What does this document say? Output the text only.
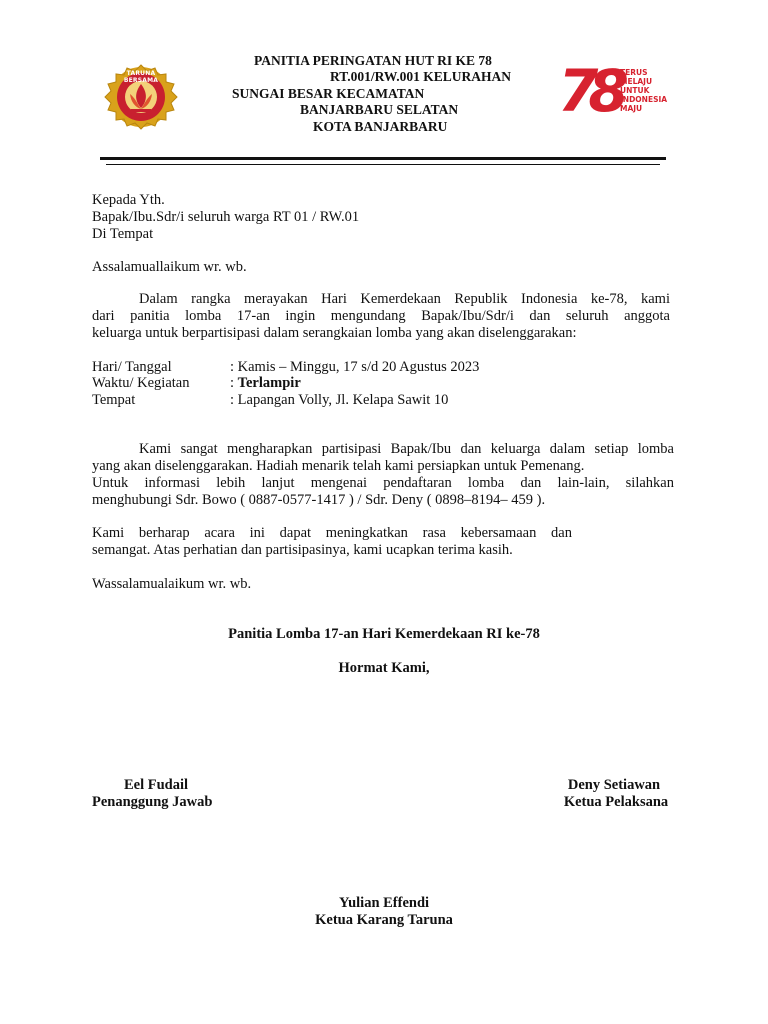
TARUNA BERSAMA
PANITIA PERINGATAN HUT RI KE 78
RT.001/RW.001 KELURAHAN
SUNGAI BESAR KECAMATAN
BANJARBARU SELATAN
KOTA BANJARBARU
78 TERUS
MELAJU
UNTUK
INDONESIA
MAJU
Kepada Yth.
Bapak/Ibu.Sdr/i seluruh warga RT 01 / RW.01
Di Tempat
Assalamuallaikum wr. wb.
Dalam rangka merayakan Hari Kemerdekaan Republik Indonesia ke-78, kami
dari panitia lomba 17-an ingin mengundang Bapak/Ibu/Sdr/i dan seluruh anggota
keluarga untuk berpartisipasi dalam serangkaian lomba yang akan diselenggarakan:
Hari/ Tanggal	: Kamis – Minggu, 17 s/d 20 Agustus 2023
Waktu/ Kegiatan	: Terlampir
Tempat	: Lapangan Volly, Jl. Kelapa Sawit 10
Kami sangat mengharapkan partisipasi Bapak/Ibu dan keluarga dalam setiap lomba
yang akan diselenggarakan. Hadiah menarik telah kami persiapkan untuk Pemenang.
Untuk informasi lebih lanjut mengenai pendaftaran lomba dan lain-lain, silahkan
menghubungi Sdr. Bowo ( 0887-0577-1417 ) / Sdr. Deny ( 0898–8194– 459 ).
Kami berharap acara ini dapat meningkatkan rasa kebersamaan dan
semangat. Atas perhatian dan partisipasinya, kami ucapkan terima kasih.
Wassalamualaikum wr. wb.
Panitia Lomba 17-an Hari Kemerdekaan RI ke-78
Hormat Kami,
Eel Fudail
Penanggung Jawab
Deny Setiawan
Ketua Pelaksana
Yulian Effendi
Ketua Karang Taruna
